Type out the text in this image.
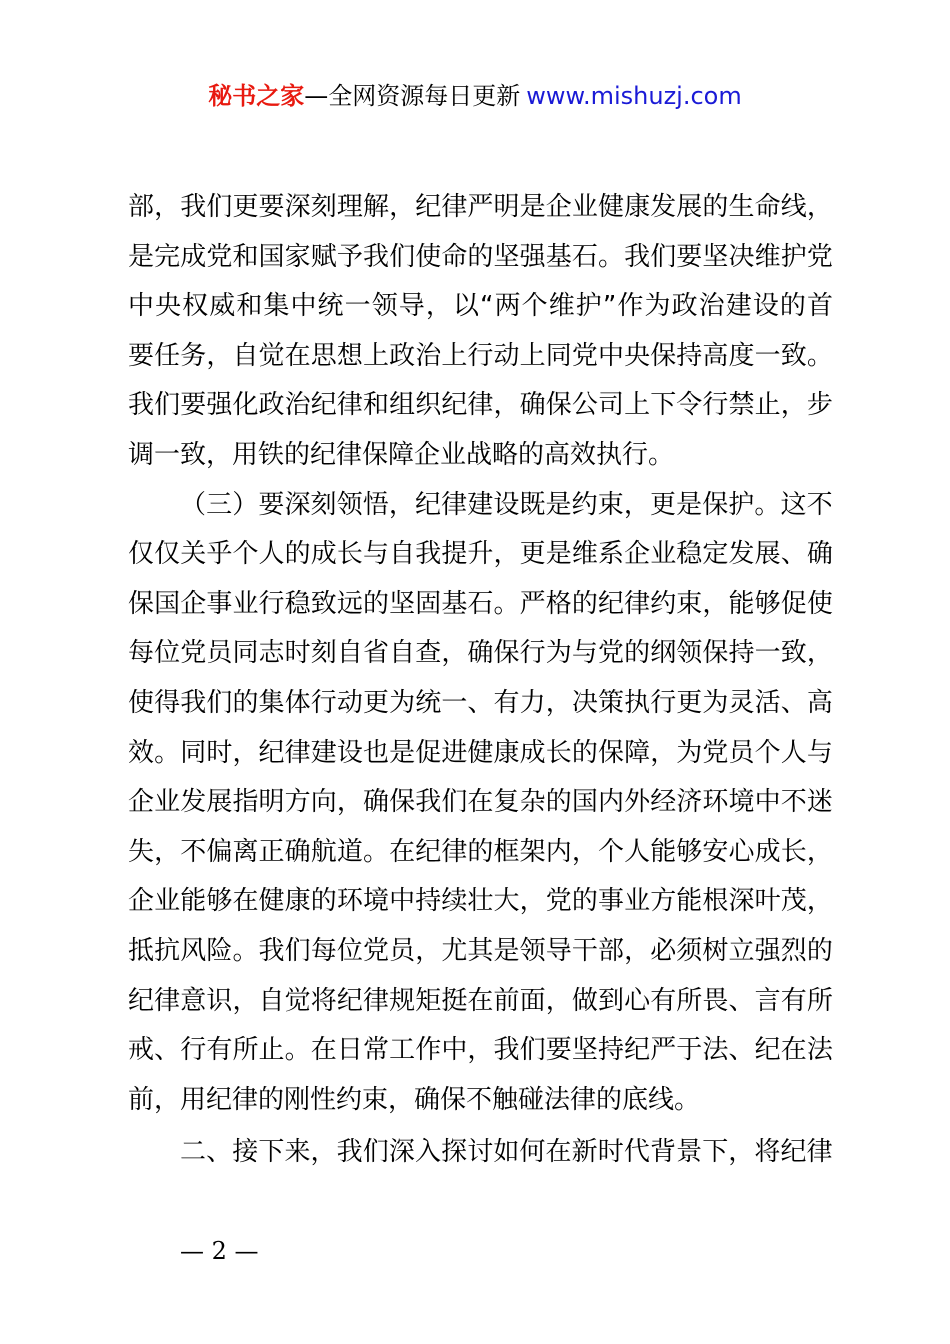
秘书之家—全网资源每日更新 www.mishuzj.com
部 ， 我 们 更 要 深 刻 理 解 ， 纪 律 严 明 是 企 业 健 康 发 展 的 生 命 线 ，
是 完 成 党 和 国 家 赋 予 我 们 使 命 的 坚 强 基 石 。 我 们 要 坚 决 维 护 党
中 央 权 威 和 集 中 统 一 领 导 ， 以 “ 两 个 维 护 ” 作 为 政 治 建 设 的 首
要 任 务 ， 自 觉 在 思 想 上 政 治 上 行 动 上 同 党 中 央 保 持 高 度 一 致 。
我 们 要 强 化 政 治 纪 律 和 组 织 纪 律 ， 确 保 公 司 上 下 令 行 禁 止 ， 步
调一致，用铁的纪律保障企业战略的高效执行。
（ 三 ） 要 深 刻 领 悟 ， 纪 律 建 设 既 是 约 束 ， 更 是 保 护 。 这 不
仅 仅 关 乎 个 人 的 成 长 与 自 我 提 升 ， 更 是 维 系 企 业 稳 定 发 展 、 确
保 国 企 事 业 行 稳 致 远 的 坚 固 基 石 。 严 格 的 纪 律 约 束 ， 能 够 促 使
每 位 党 员 同 志 时 刻 自 省 自 查 ， 确 保 行 为 与 党 的 纲 领 保 持 一 致 ，
使 得 我 们 的 集 体 行 动 更 为 统 一 、 有 力 ， 决 策 执 行 更 为 灵 活 、 高
效 。 同 时 ， 纪 律 建 设 也 是 促 进 健 康 成 长 的 保 障 ， 为 党 员 个 人 与
企 业 发 展 指 明 方 向 ， 确 保 我 们 在 复 杂 的 国 内 外 经 济 环 境 中 不 迷
失 ， 不 偏 离 正 确 航 道 。 在 纪 律 的 框 架 内 ， 个 人 能 够 安 心 成 长 ，
企 业 能 够 在 健 康 的 环 境 中 持 续 壮 大 ， 党 的 事 业 方 能 根 深 叶 茂 ，
抵 抗 风 险 。 我 们 每 位 党 员 ， 尤 其 是 领 导 干 部 ， 必 须 树 立 强 烈 的
纪 律 意 识 ， 自 觉 将 纪 律 规 矩 挺 在 前 面 ， 做 到 心 有 所 畏 、 言 有 所
戒 、 行 有 所 止 。 在 日 常 工 作 中 ， 我 们 要 坚 持 纪 严 于 法 、 纪 在 法
前，用纪律的刚性约束，确保不触碰法律的底线。
二 、 接 下 来 ， 我 们 深 入 探 讨 如 何 在 新 时 代 背 景 下 ， 将 纪 律
— 2 —
